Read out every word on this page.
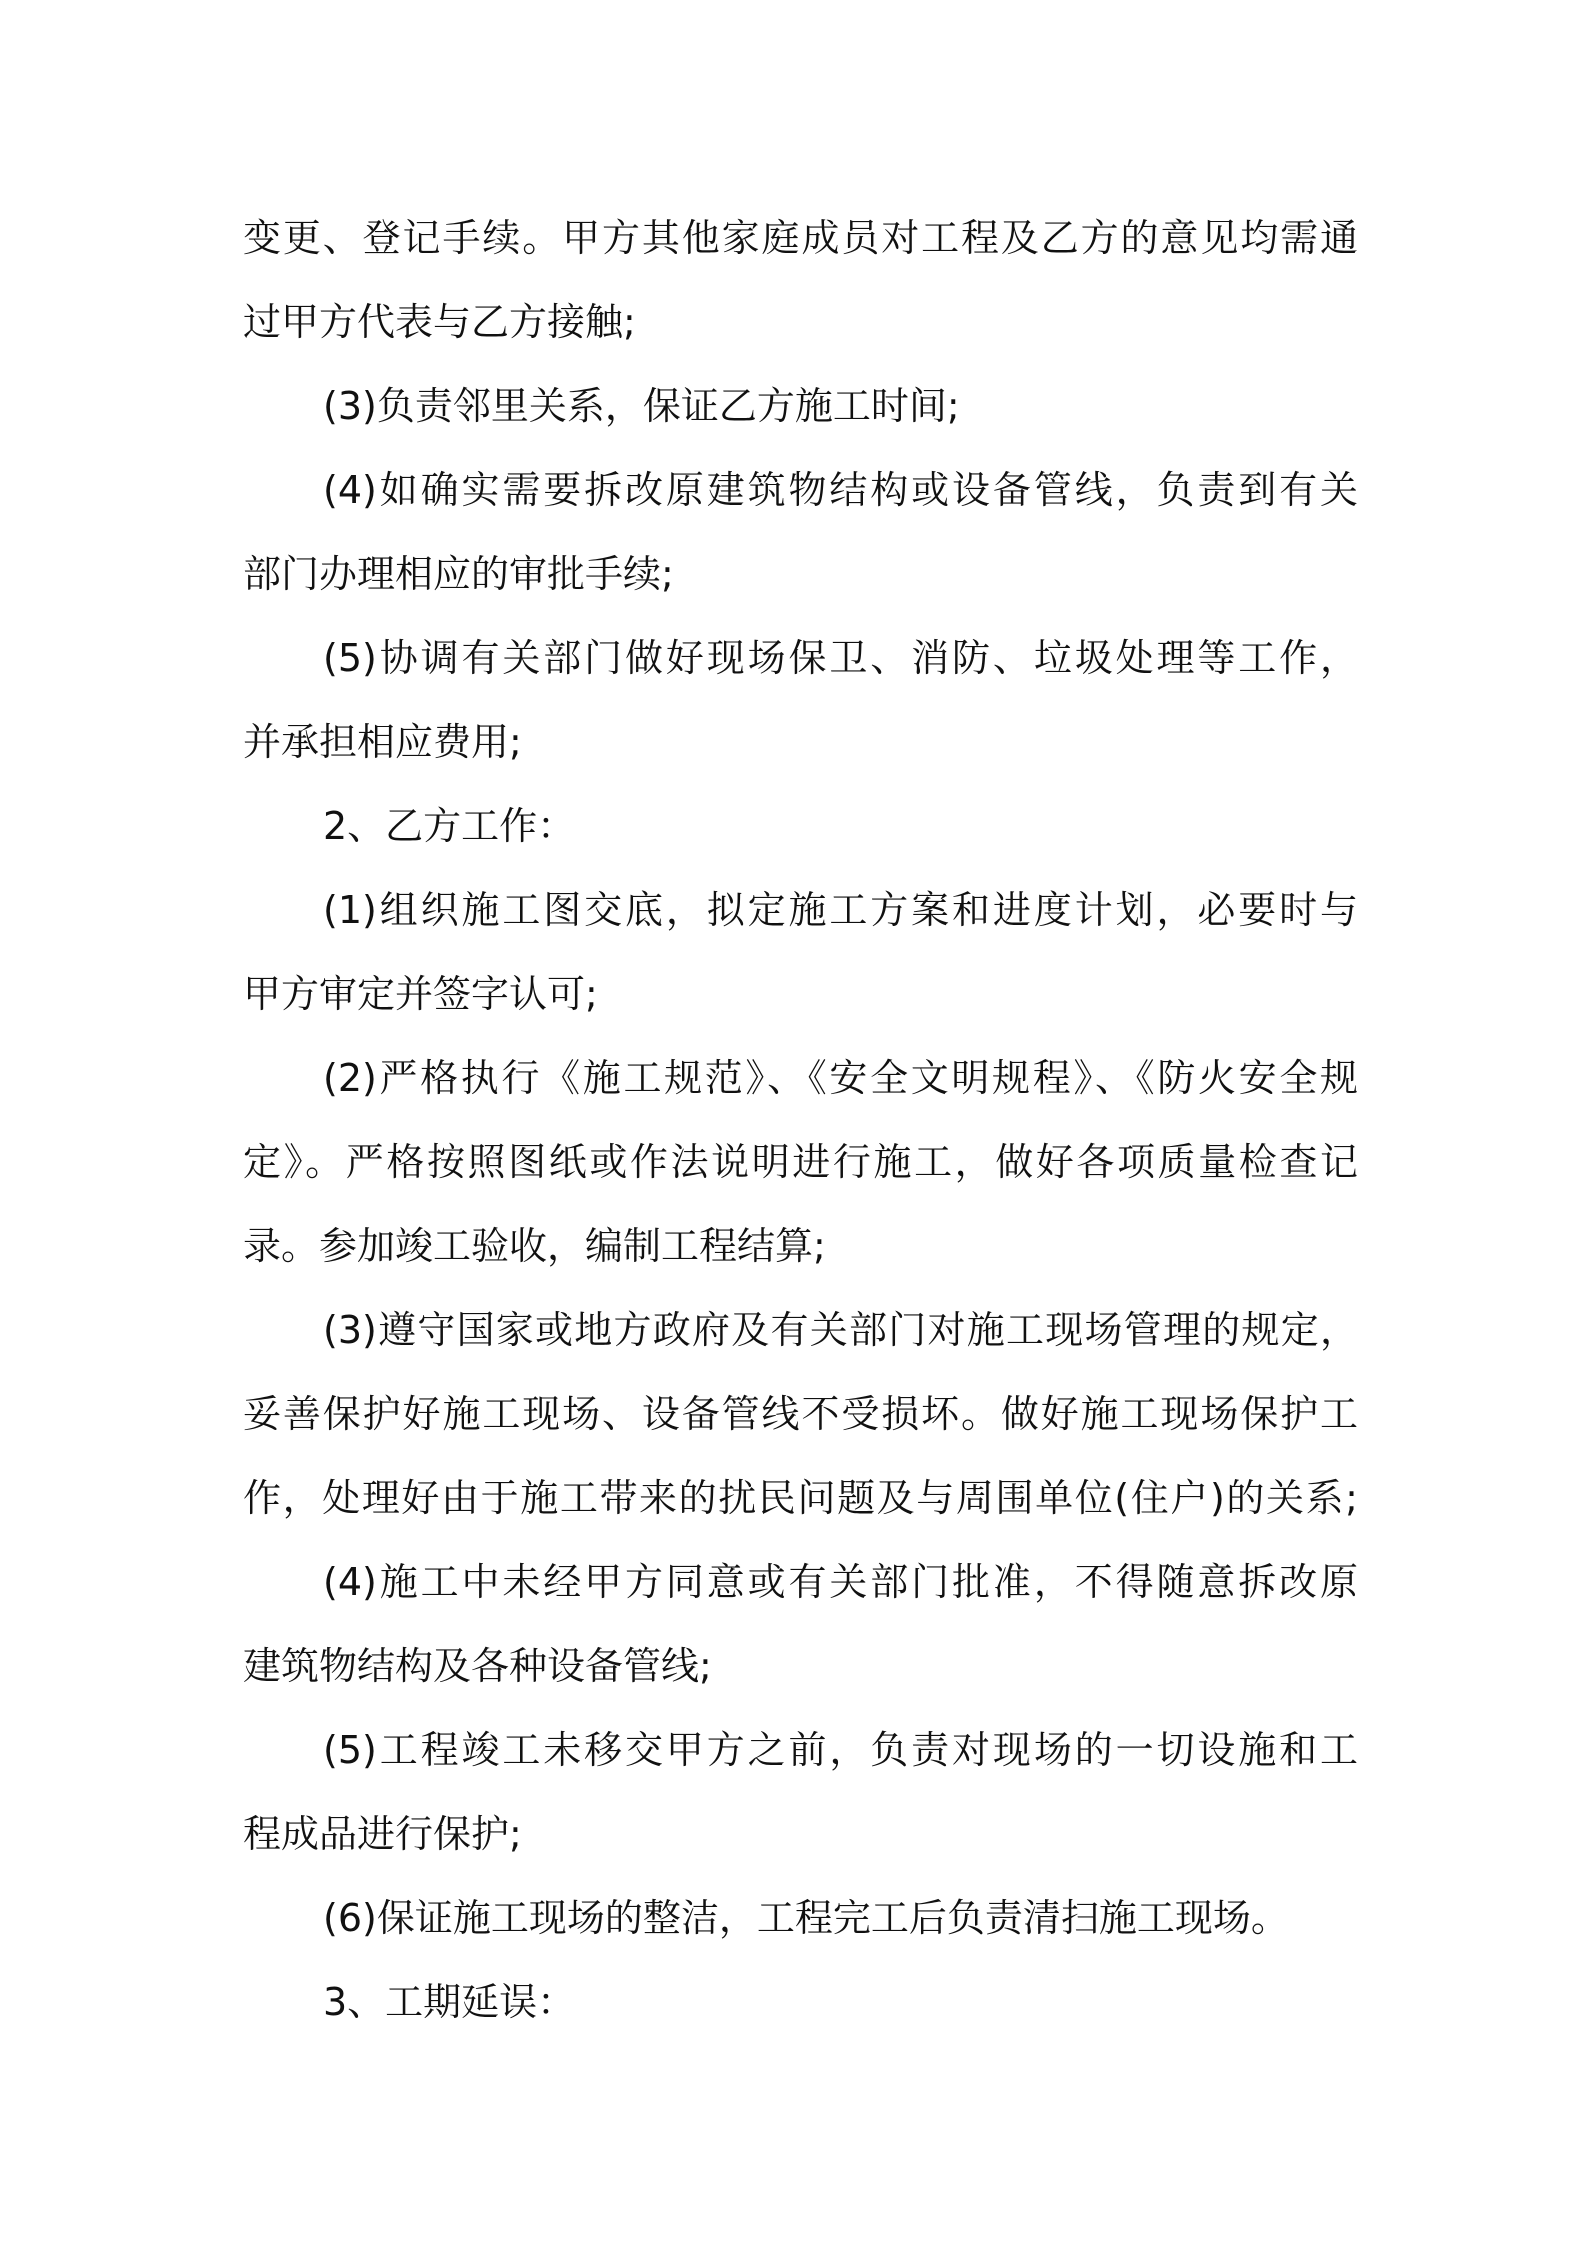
变更、登记手续。甲方其他家庭成员对工程及乙方的意见均需通
过甲方代表与乙方接触;
(3)负责邻里关系，保证乙方施工时间;
(4)如确实需要拆改原建筑物结构或设备管线，负责到有关
部门办理相应的审批手续;
(5)协调有关部门做好现场保卫、消防、垃圾处理等工作，
并承担相应费用;
2、乙方工作：
(1)组织施工图交底，拟定施工方案和进度计划，必要时与
甲方审定并签字认可;
(2)严格执行《施工规范》、《安全文明规程》、《防火安全规
定》。严格按照图纸或作法说明进行施工，做好各项质量检查记
录。参加竣工验收，编制工程结算;
(3)遵守国家或地方政府及有关部门对施工现场管理的规定，
妥善保护好施工现场、设备管线不受损坏。做好施工现场保护工
作，处理好由于施工带来的扰民问题及与周围单位(住户)的关系;
(4)施工中未经甲方同意或有关部门批准，不得随意拆改原
建筑物结构及各种设备管线;
(5)工程竣工未移交甲方之前，负责对现场的一切设施和工
程成品进行保护;
(6)保证施工现场的整洁，工程完工后负责清扫施工现场。
3、工期延误：
